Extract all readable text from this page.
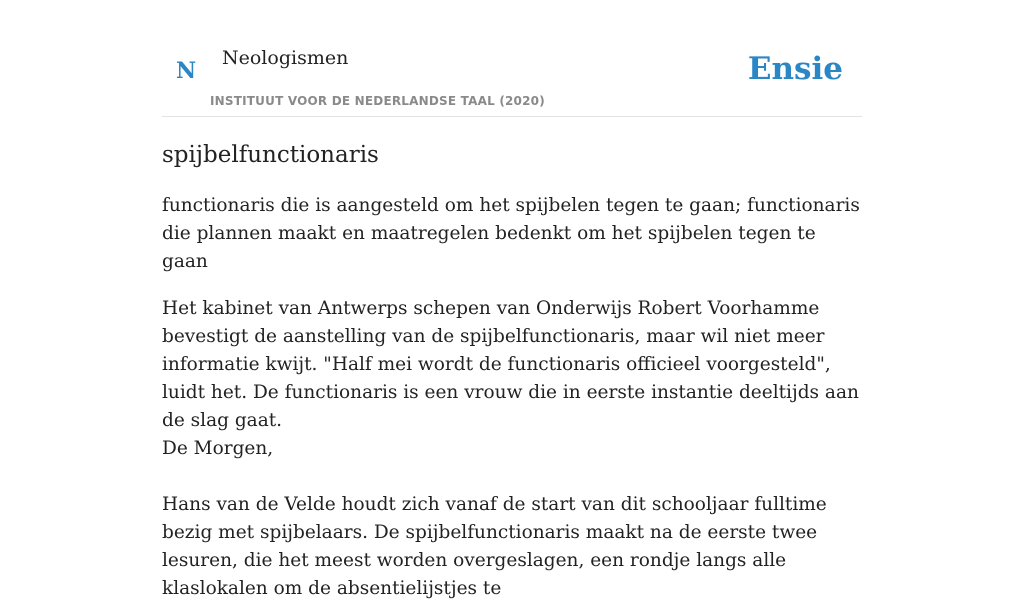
N Neologismen
INSTITUUT VOOR DE NEDERLANDSE TAAL (2020)
Ensie
spijbelfunctionaris

functionaris die is aangesteld om het spijbelen tegen te gaan; functionaris die plannen maakt en maatregelen bedenkt om het spijbelen tegen te gaan

Het kabinet van Antwerps schepen van Onderwijs Robert Voorhamme bevestigt de aanstelling van de spijbelfunctionaris, maar wil niet meer informatie kwijt. "Half mei wordt de functionaris officieel voorgesteld", luidt het. De functionaris is een vrouw die in eerste instantie deeltijds aan de slag gaat.
De Morgen,

Hans van de Velde houdt zich vanaf de start van dit schooljaar fulltime bezig met spijbelaars. De spijbelfunctionaris maakt na de eerste twee lesuren, die het meest worden overgeslagen, een rondje langs alle klaslokalen om de absentielijstjes te
